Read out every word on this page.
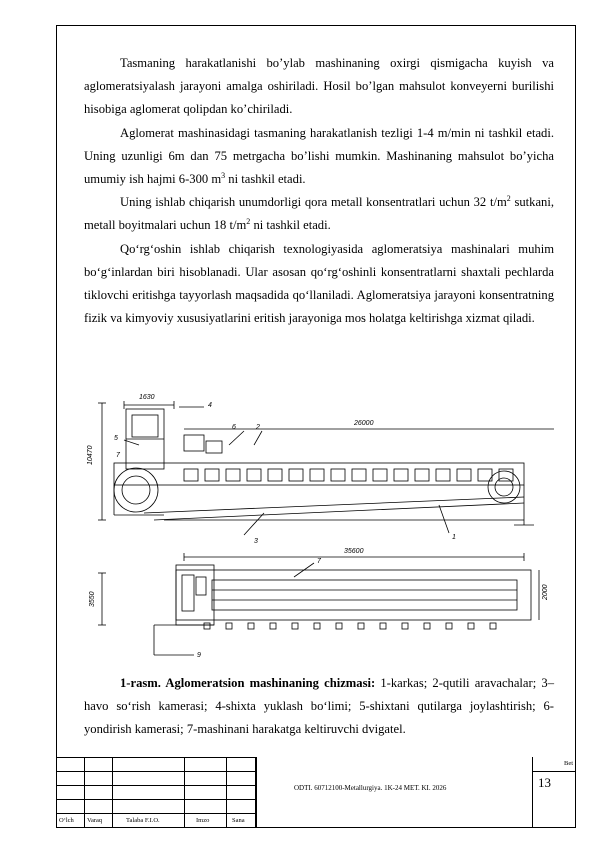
Tasmaning harakatlanishi bo’ylab mashinaning oxirgi qismigacha kuyish va aglomeratsiyalash jarayoni amalga oshiriladi. Hosil bo’lgan mahsulot konveyerni burilishi hisobiga aglomerat qolipdan ko’chiriladi.

Aglomerat mashinasidagi tasmaning harakatlanish tezligi 1-4 m/min ni tashkil etadi. Uning uzunligi 6m dan 75 metrgacha bo’lishi mumkin. Mashinaning mahsulot bo’yicha umumiy ish hajmi 6-300 $m^3$ ni tashkil etadi.

Uning ishlab chiqarish unumdorligi qora metall konsentratlari uchun 32 $t/m^2$ sutkani, metall boyitmalari uchun 18 $t/m^2$ ni tashkil etadi.

Qo‘rg‘oshin ishlab chiqarish texnologiyasida aglomeratsiya mashinalari muhim bo‘g‘inlardan biri hisoblanadi. Ular asosan qo‘rg‘oshinli konsentratlarni shaxtali pechlarda tiklovchi eritishga tayyorlash maqsadida qo‘llaniladi. Aglomeratsiya jarayoni konsentratning fizik va kimyoviy xususiyatlarini eritish jarayoniga mos holatga keltirishga xizmat qiladi.

1630
10470
26000
35600
3550	2000
4
5
7
6	2
3
1
7
9

1-rasm. Aglomeratsion mashinaning chizmasi: 1-karkas; 2-qutili aravachalar; 3–havo so‘rish kamerasi; 4-shixta yuklash bo‘limi; 5-shixtani qutilarga joylashtirish; 6-yondirish kamerasi; 7-mashinani harakatga keltiruvchi dvigatel.

O‘lch Varaq	Talaba F.I.O.	Imzo	Sana
ODTI. 60712100-Metallurgiya. 1K-24 MET. KI. 2026
Bet
13
